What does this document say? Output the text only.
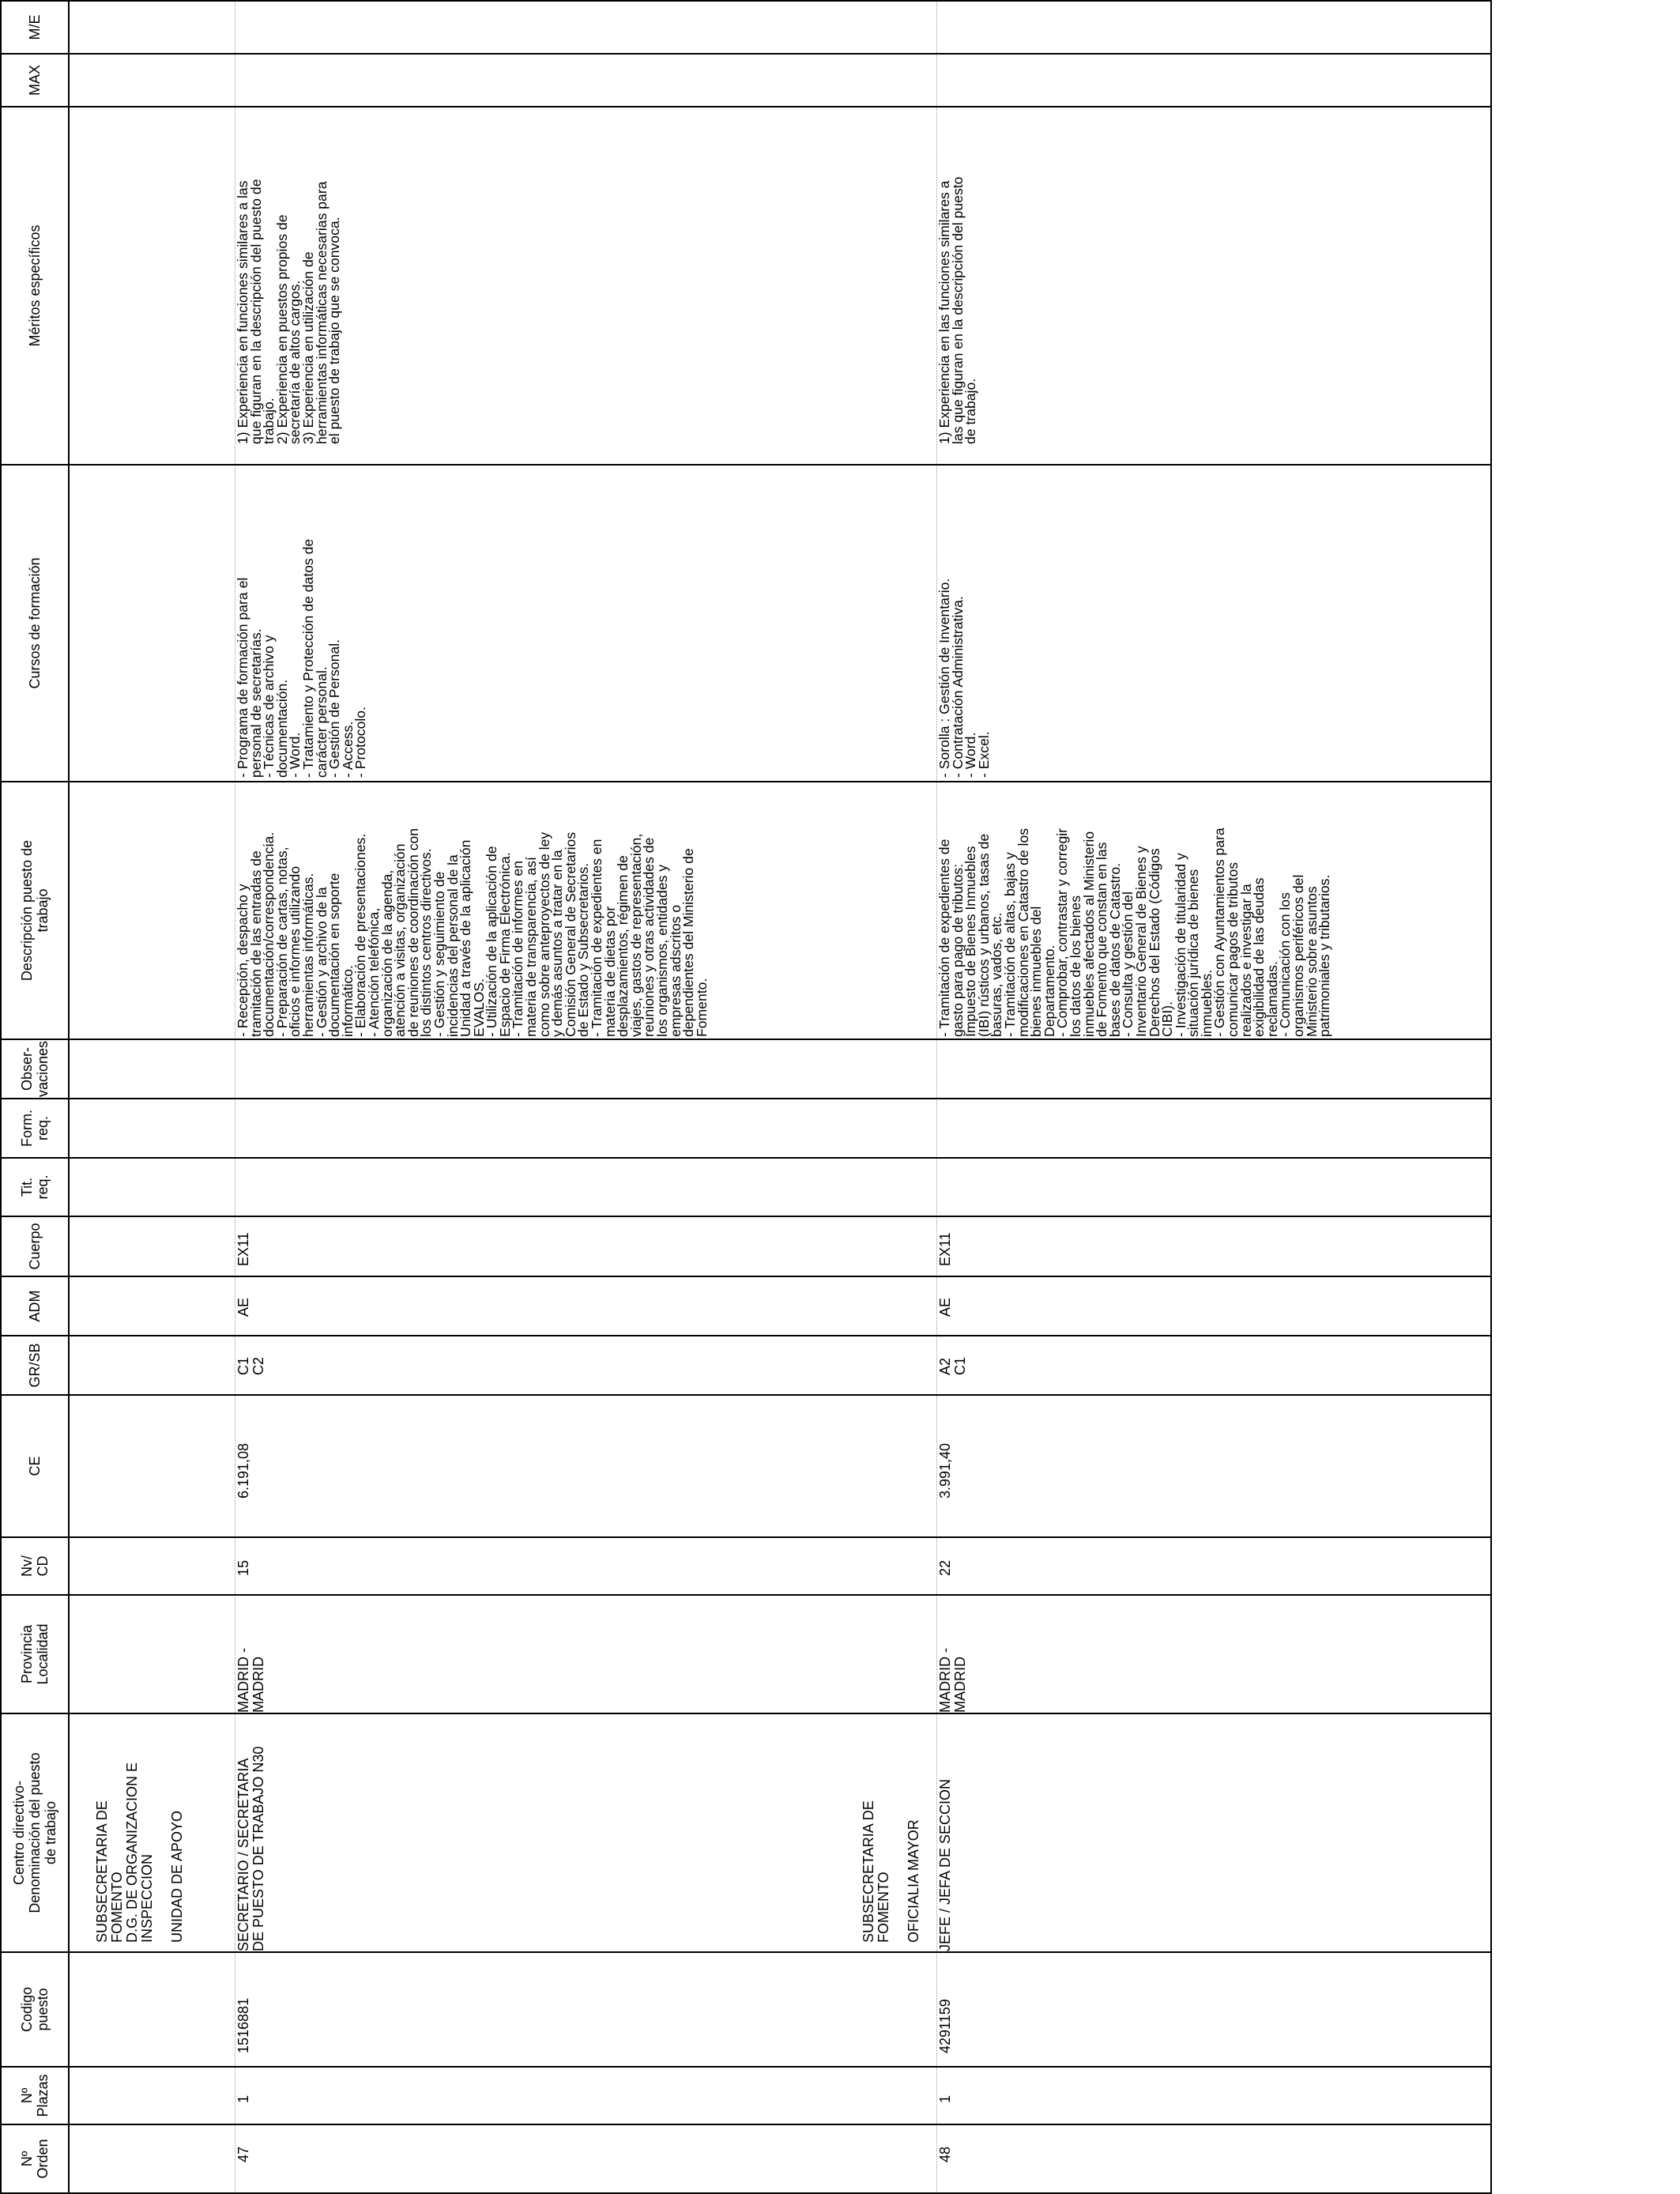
Nº
Orden
Nº
Plazas
Codigo
puesto
Centro directivo-
Denominación del puesto
de trabajo
Provincia
Localidad
Nv/
CD
CE
GR/SB
ADM
Cuerpo
Tit.
req.
Form.
req.
Obser-
vaciones
Descripción puesto de
trabajo
Cursos de formación
Méritos específicos
MAX
M/E
SUBSECRETARIA DE
FOMENTO
D.G. DE ORGANIZACION E
INSPECCION

UNIDAD DE APOYO
47
1
1516881
SECRETARIO / SECRETARIA
DE PUESTO DE TRABAJO N30
MADRID -
MADRID
15
6.191,08
C1
C2
AE
EX11
- Recepción, despacho y
tramitación de las entradas de
documentación/correspondencia.
- Preparación de cartas, notas,
oficios e informes utilizando
herramientas informáticas.
- Gestión y archivo de la
documentación en soporte
informático.
- Elaboración de presentaciones.
- Atención telefónica,
organización de la agenda,
atención a visitas, organización
de reuniones de coordinación con
los distintos centros directivos.
- Gestión y seguimiento de
incidencias del personal de la
Unidad a través de la aplicación
EVALOS.
- Utilización de la aplicación de
Espacio de Firma Electrónica.
- Tramitación de informes en
materia de transparencia, así
como sobre anteproyectos de ley
y demás asuntos a tratar en la
Comisión General de Secretarios
de Estado y Subsecretarios.
- Tramitación de expedientes en
materia de dietas por
desplazamientos, régimen de
viajes, gastos de representación,
reuniones y otras actividades de
los organismos, entidades y
empresas adscritos o
dependientes del Ministerio de
Fomento.
- Programa de formación para el
personal de secretarías.
- Técnicas de archivo y
documentación.
- Word.
- Tratamiento y Protección de datos de
carácter personal.
- Gestión de Personal.
- Access.
- Protocolo.
1) Experiencia en funciones similares a las
que figuran en la descripción del puesto de
trabajo.
2) Experiencia en puestos propios de
secretaría de altos cargos.
3) Experiencia en utilización de
herramientas informáticas necesarias para
el puesto de trabajo que se convoca.
SUBSECRETARIA DE
FOMENTO

OFICIALIA MAYOR
48
1
4291159
JEFE / JEFA DE SECCION
MADRID -
MADRID
22
3.991,40
A2
C1
AE
EX11
- Tramitación de expedientes de
gasto para pago de tributos:
Impuesto de Bienes Inmuebles
(IBI) rústicos y urbanos, tasas de
basuras, vados, etc.
- Tramitación de altas, bajas y
modificaciones en Catastro de los
bienes inmuebles del
Departamento.
- Comprobar, contrastar y corregir
los datos de los bienes
inmuebles afectados al Ministerio
de Fomento que constan en las
bases de datos de Catastro.
- Consulta y gestión del
Inventario General de Bienes y
Derechos del Estado (Códigos
CIBI).
- Investigación de titularidad y
situación jurídica de bienes
inmuebles.
- Gestión con Ayuntamientos para
comunicar pagos de tributos
realizados e investigar la
exigibilidad de las deudas
reclamadas.
- Comunicación con los
organismos periféricos del
Ministerio sobre asuntos
patrimoniales y tributarios.
- Sorolla : Gestión de Inventario.
- Contratación Administrativa.
- Word.
- Excel.
1) Experiencia en las funciones similares a
las que figuran en la descripción del puesto
de trabajo.
